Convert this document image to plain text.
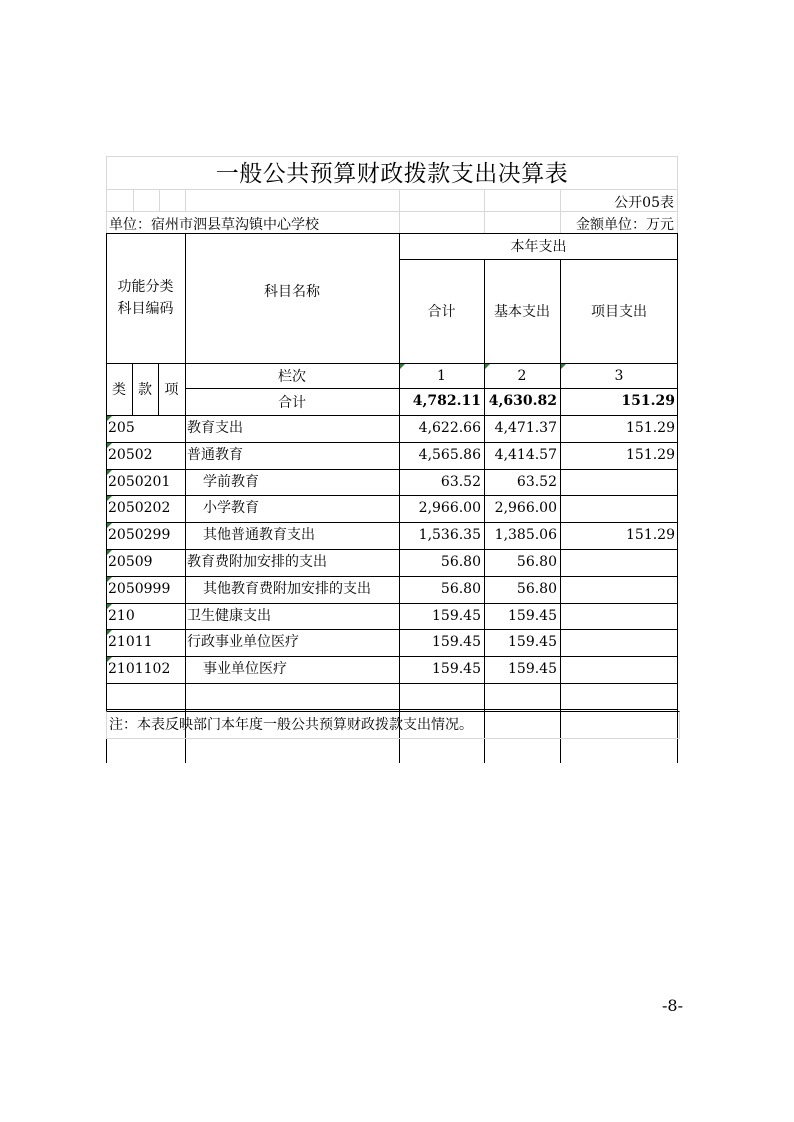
一般公共预算财政拨款支出决算表
公开05表
单位：宿州市泗县草沟镇中心学校	金额单位：万元
功能分类
科目编码
科目名称
本年支出
合计	基本支出	项目支出
类 款 项
栏次	1	2	3
合计	4,782.11 4,630.82	151.29
205	教育支出	4,622.66 4,471.37	151.29
20502	普通教育	4,565.86 4,414.57	151.29
2050201	学前教育	63.52	63.52
2050202	小学教育	2,966.00 2,966.00
2050299	其他普通教育支出	1,536.35 1,385.06	151.29
20509	教育费附加安排的支出	56.80	56.80
2050999	其他教育费附加安排的支出	56.80	56.80
210	卫生健康支出	159.45	159.45
21011	行政事业单位医疗	159.45	159.45
2101102	事业单位医疗	159.45	159.45
注：本表反映部门本年度一般公共预算财政拨款支出情况。
-8-
